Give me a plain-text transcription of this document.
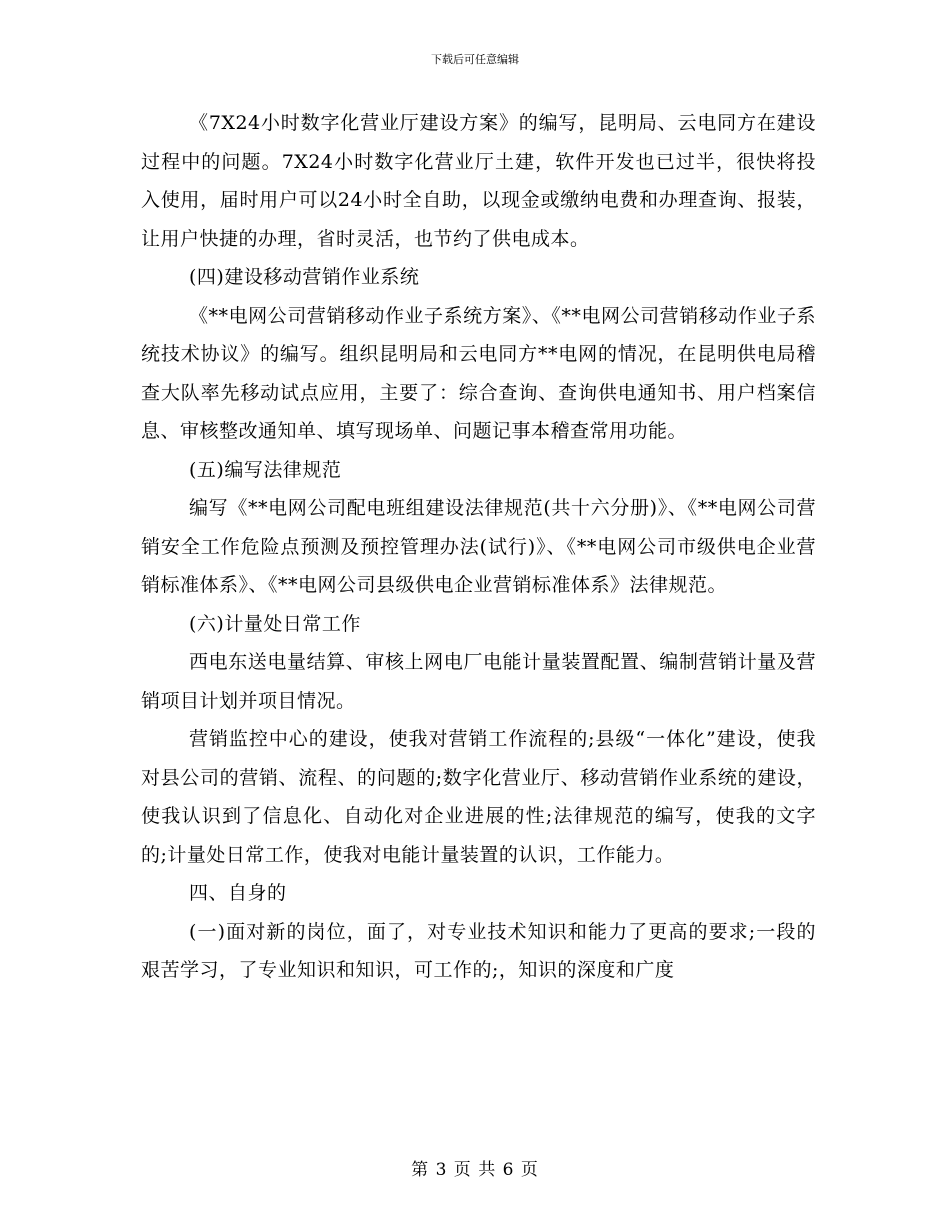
下载后可任意编辑

《7X24小时数字化营业厅建设方案》的编写，昆明局、云电同方在建设过程中的问题。7X24小时数字化营业厅土建，软件开发也已过半，很快将投入使用，届时用户可以24小时全自助，以现金或缴纳电费和办理查询、报装，让用户快捷的办理，省时灵活，也节约了供电成本。

(四)建设移动营销作业系统

《**电网公司营销移动作业子系统方案》、《**电网公司营销移动作业子系统技术协议》的编写。组织昆明局和云电同方**电网的情况，在昆明供电局稽查大队率先移动试点应用，主要了：综合查询、查询供电通知书、用户档案信息、审核整改通知单、填写现场单、问题记事本稽查常用功能。

(五)编写法律规范

编写《**电网公司配电班组建设法律规范(共十六分册)》、《**电网公司营销安全工作危险点预测及预控管理办法(试行)》、《**电网公司市级供电企业营销标准体系》、《**电网公司县级供电企业营销标准体系》法律规范。

(六)计量处日常工作

西电东送电量结算、审核上网电厂电能计量装置配置、编制营销计量及营销项目计划并项目情况。

营销监控中心的建设，使我对营销工作流程的;县级“一体化”建设，使我对县公司的营销、流程、的问题的;数字化营业厅、移动营销作业系统的建设，使我认识到了信息化、自动化对企业进展的性;法律规范的编写，使我的文字的;计量处日常工作，使我对电能计量装置的认识，工作能力。

四、自身的

(一)面对新的岗位，面了，对专业技术知识和能力了更高的要求;一段的艰苦学习，了专业知识和知识，可工作的;，知识的深度和广度

第 3 页 共 6 页
